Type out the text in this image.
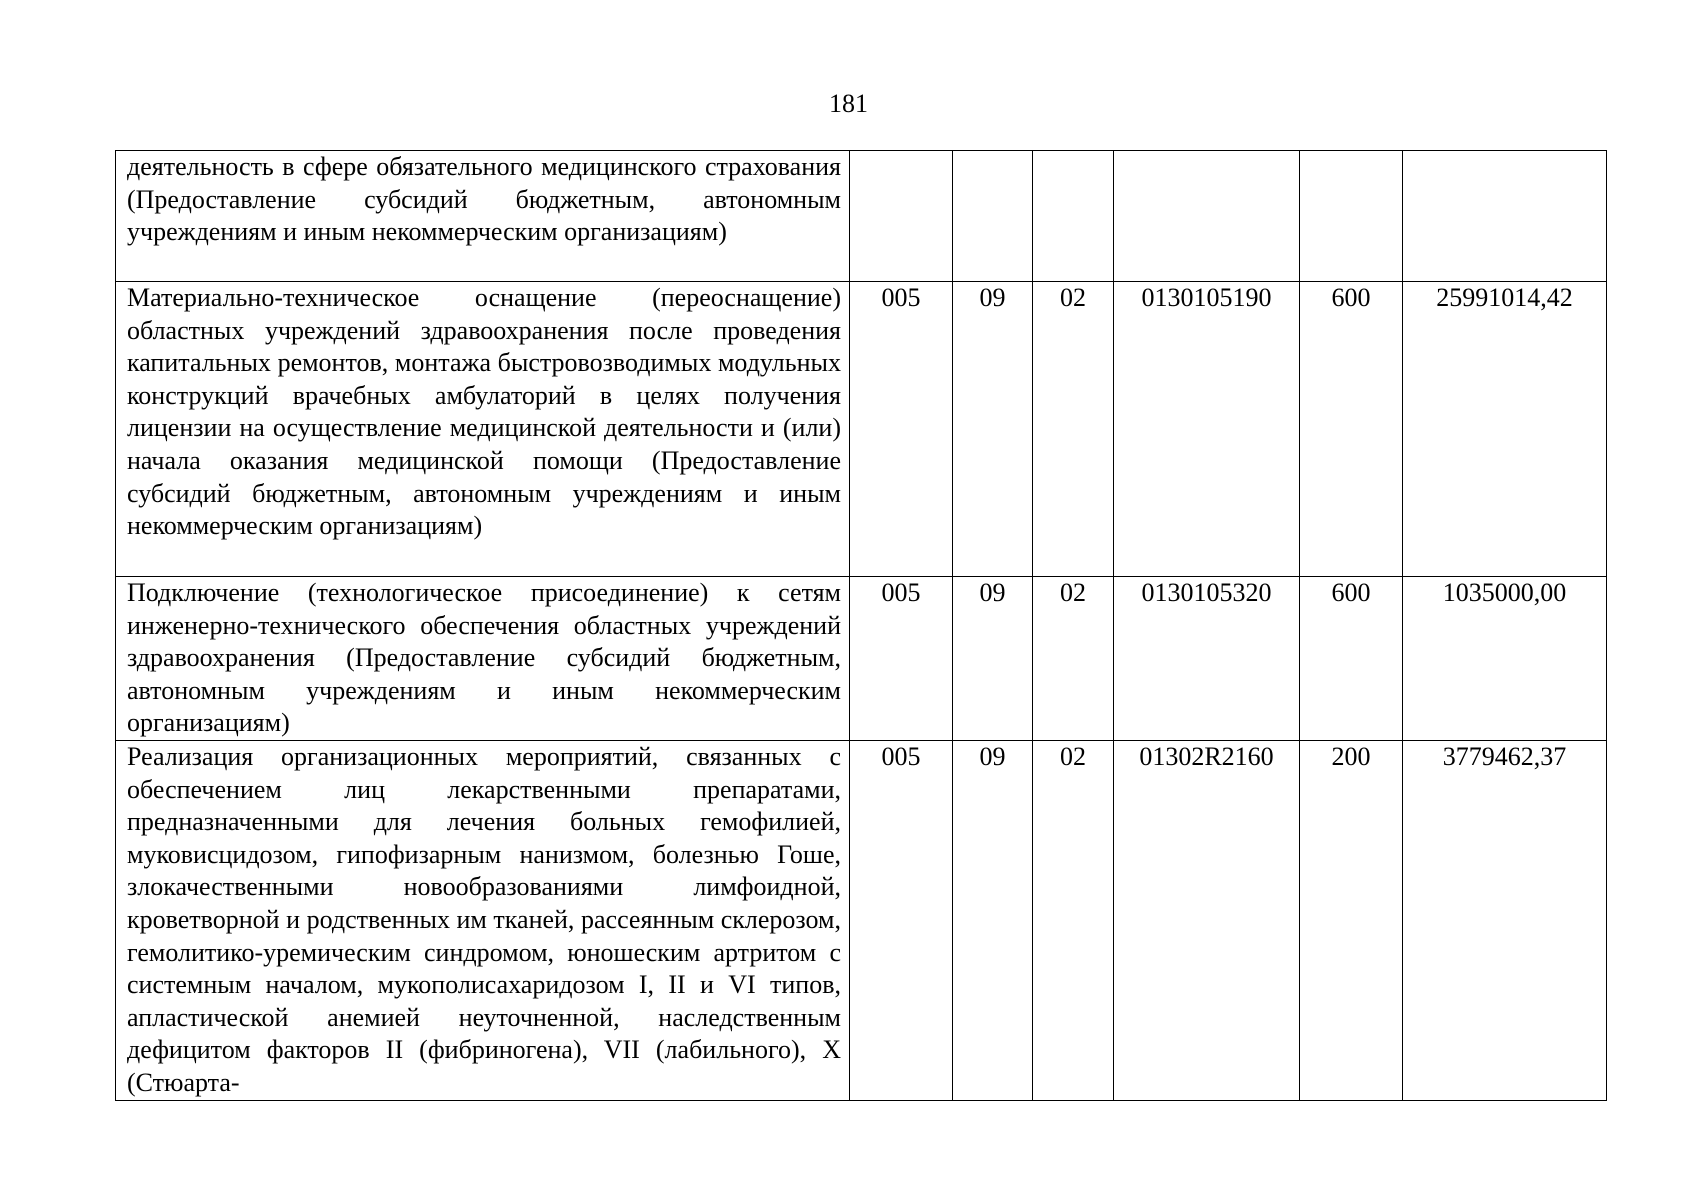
181
деятельность в сфере обязательного медицинского страхования (Предоставление субсидий бюджетным, автономным учреждениям и иным некоммерческим организациям)						
Материально-техническое оснащение (переоснащение) областных учреждений здравоохранения после проведения капитальных ремонтов, монтажа быстровозводимых модульных конструкций врачебных амбулаторий в целях получения лицензии на осуществление медицинской деятельности и (или) начала оказания медицинской помощи (Предоставление субсидий бюджетным, автономным учреждениям и иным некоммерческим организациям)	005	09	02	0130105190	600	25991014,42
Подключение (технологическое присоединение) к сетям инженерно-технического обеспечения областных учреждений здравоохранения (Предоставление субсидий бюджетным, автономным учреждениям и иным некоммерческим организациям)	005	09	02	0130105320	600	1035000,00
Реализация организационных мероприятий, связанных с обеспечением лиц лекарственными препаратами, предназначенными для лечения больных гемофилией, муковисцидозом, гипофизарным нанизмом, болезнью Гоше, злокачественными новообразованиями лимфоидной, кроветворной и родственных им тканей, рассеянным склерозом, гемолитико-уремическим синдромом, юношеским артритом с системным началом, мукополисахаридозом I, II и VI типов, апластической анемией неуточненной, наследственным дефицитом факторов II (фибриногена), VII (лабильного), X (Стюарта-	005	09	02	01302R2160	200	3779462,37
